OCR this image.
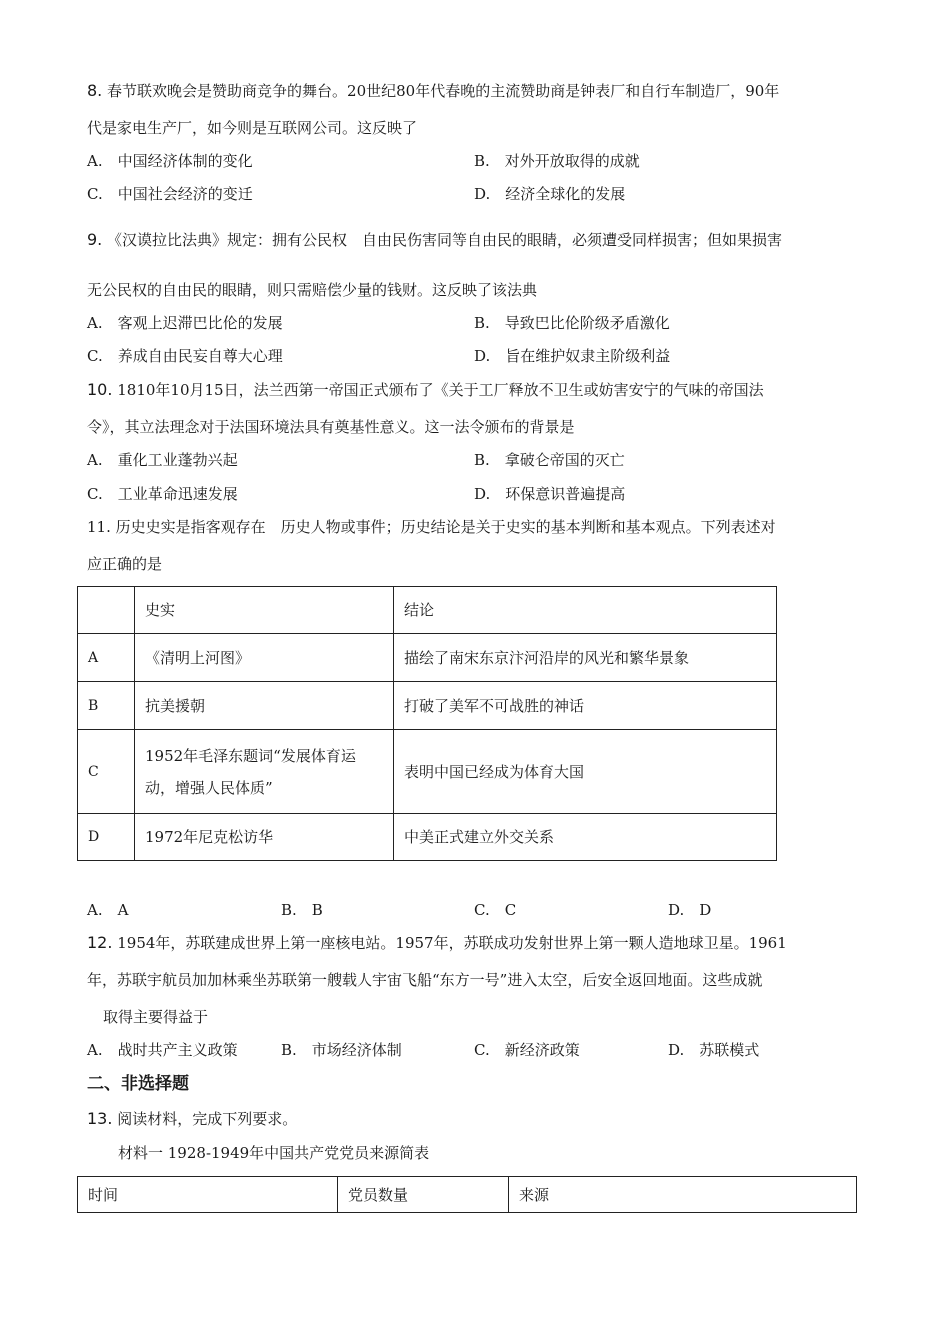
8. 春节联欢晚会是赞助商竞争的舞台。20世纪80年代春晚的主流赞助商是钟表厂和自行车制造厂，90年
代是家电生产厂，如今则是互联网公司。这反映了
A.　中国经济体制的变化	B.　对外开放取得的成就
C.　中国社会经济的变迁	D.　经济全球化的发展
9. 《汉谟拉比法典》规定：拥有公民权　自由民伤害同等自由民的眼睛，必须遭受同样损害；但如果损害
无公民权的自由民的眼睛，则只需赔偿少量的钱财。这反映了该法典
A.　客观上迟滞巴比伦的发展	B.　导致巴比伦阶级矛盾激化
C.　养成自由民妄自尊大心理	D.　旨在维护奴隶主阶级利益
10. 1810年10月15日，法兰西第一帝国正式颁布了《关于工厂释放不卫生或妨害安宁的气味的帝国法
令》，其立法理念对于法国环境法具有奠基性意义。这一法令颁布的背景是
A.　重化工业蓬勃兴起	B.　拿破仑帝国的灭亡
C.　工业革命迅速发展	D.　环保意识普遍提高
11. 历史史实是指客观存在　历史人物或事件；历史结论是关于史实的基本判断和基本观点。下列表述对
应正确的是
	史实	结论
A	《清明上河图》	描绘了南宋东京汴河沿岸的风光和繁华景象
B	抗美援朝	打破了美军不可战胜的神话
C	1952年毛泽东题词“发展体育运
动，增强人民体质”	表明中国已经成为体育大国
D	1972年尼克松访华	中美正式建立外交关系
A.　A	B.　B	C.　C	D.　D
12. 1954年，苏联建成世界上第一座核电站。1957年，苏联成功发射世界上第一颗人造地球卫星。1961
年，苏联宇航员加加林乘坐苏联第一艘载人宇宙飞船“东方一号”进入太空，后安全返回地面。这些成就
取得主要得益于
A.　战时共产主义政策	B.　市场经济体制	C.　新经济政策	D.　苏联模式
二、非选择题
13. 阅读材料，完成下列要求。
材料一 1928-1949年中国共产党党员来源简表
时间	党员数量	来源
